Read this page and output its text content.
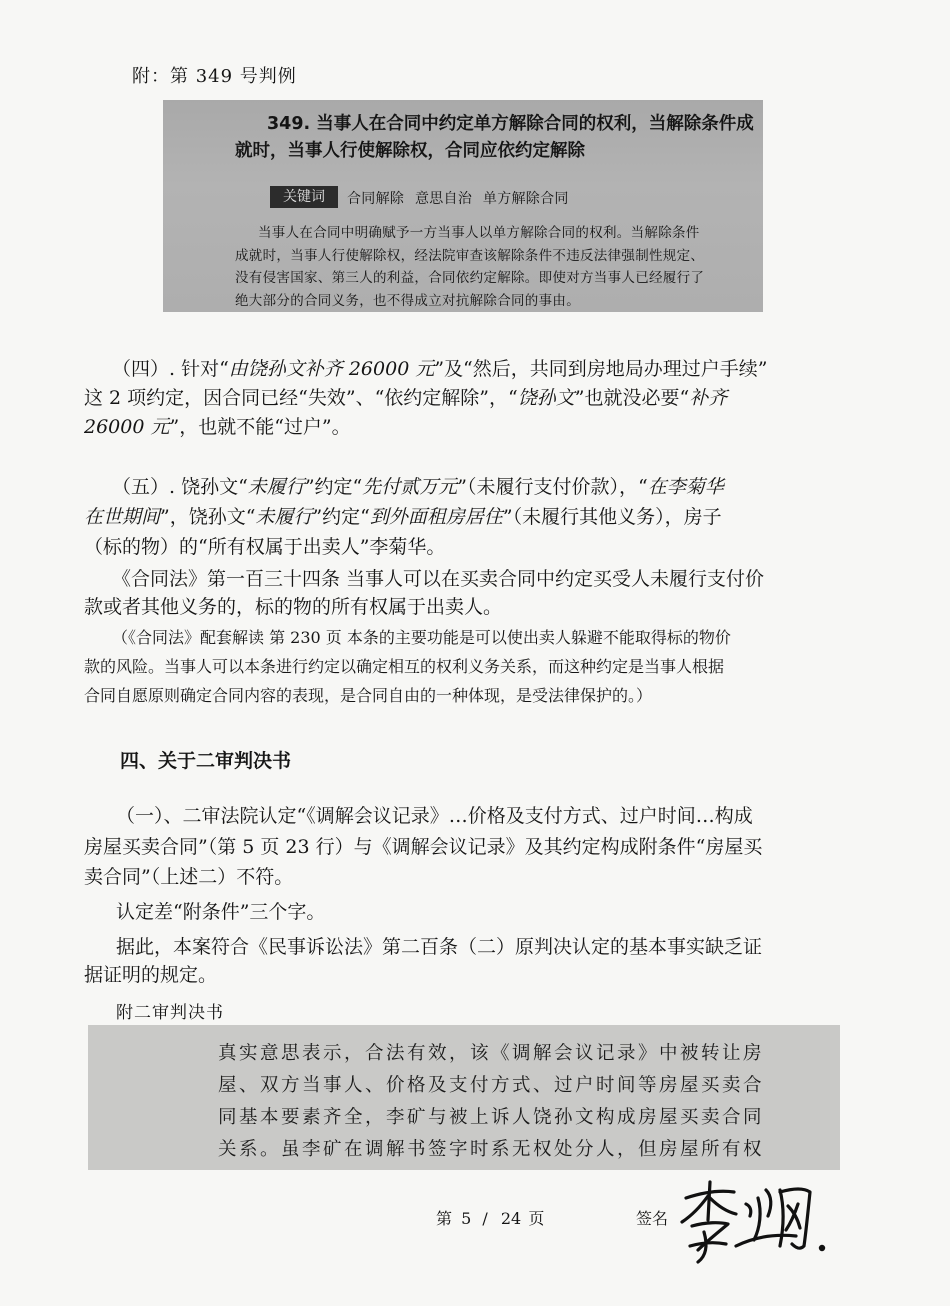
附：第 349 号判例
349. 当事人在合同中约定单方解除合同的权利，当解除条件成
就时，当事人行使解除权，合同应依约定解除
合同解除 意思自治 单方解除合同
当事人在合同中明确赋予一方当事人以单方解除合同的权利。当解除条件
成就时，当事人行使解除权，经法院审查该解除条件不违反法律强制性规定、
没有侵害国家、第三人的利益，合同依约定解除。即使对方当事人已经履行了
绝大部分的合同义务，也不得成立对抗解除合同的事由。
关键词
（四）. 针对“由饶孙文补齐 26000 元”及“然后，共同到房地局办理过户手续”
这 2 项约定，因合同已经“失效”、“依约定解除”，“饶孙文”也就没必要“补齐
26000 元”，也就不能“过户”。
（五）. 饶孙文“未履行”约定“先付贰万元”（未履行支付价款），“在李菊华
在世期间”，饶孙文“未履行”约定“到外面租房居住”（未履行其他义务），房子
（标的物）的“所有权属于出卖人”李菊华。
《合同法》第一百三十四条 当事人可以在买卖合同中约定买受人未履行支付价
款或者其他义务的，标的物的所有权属于出卖人。
（《合同法》配套解读 第 230 页 本条的主要功能是可以使出卖人躲避不能取得标的物价
款的风险。当事人可以本条进行约定以确定相互的权利义务关系，而这种约定是当事人根据
合同自愿原则确定合同内容的表现，是合同自由的一种体现，是受法律保护的。）
四、关于二审判决书
（一）、二审法院认定“《调解会议记录》…价格及支付方式、过户时间…构成
房屋买卖合同”（第 5 页 23 行）与《调解会议记录》及其约定构成附条件“房屋买
卖合同”（上述二）不符。
认定差“附条件”三个字。
据此，本案符合《民事诉讼法》第二百条（二）原判决认定的基本事实缺乏证
据证明的规定。
附二审判决书
真实意思表示，合法有效，该《调解会议记录》中被转让房
屋、双方当事人、价格及支付方式、过户时间等房屋买卖合
同基本要素齐全，李矿与被上诉人饶孙文构成房屋买卖合同
关系。虽李矿在调解书签字时系无权处分人，但房屋所有权
第 5 / 24 页	签名
